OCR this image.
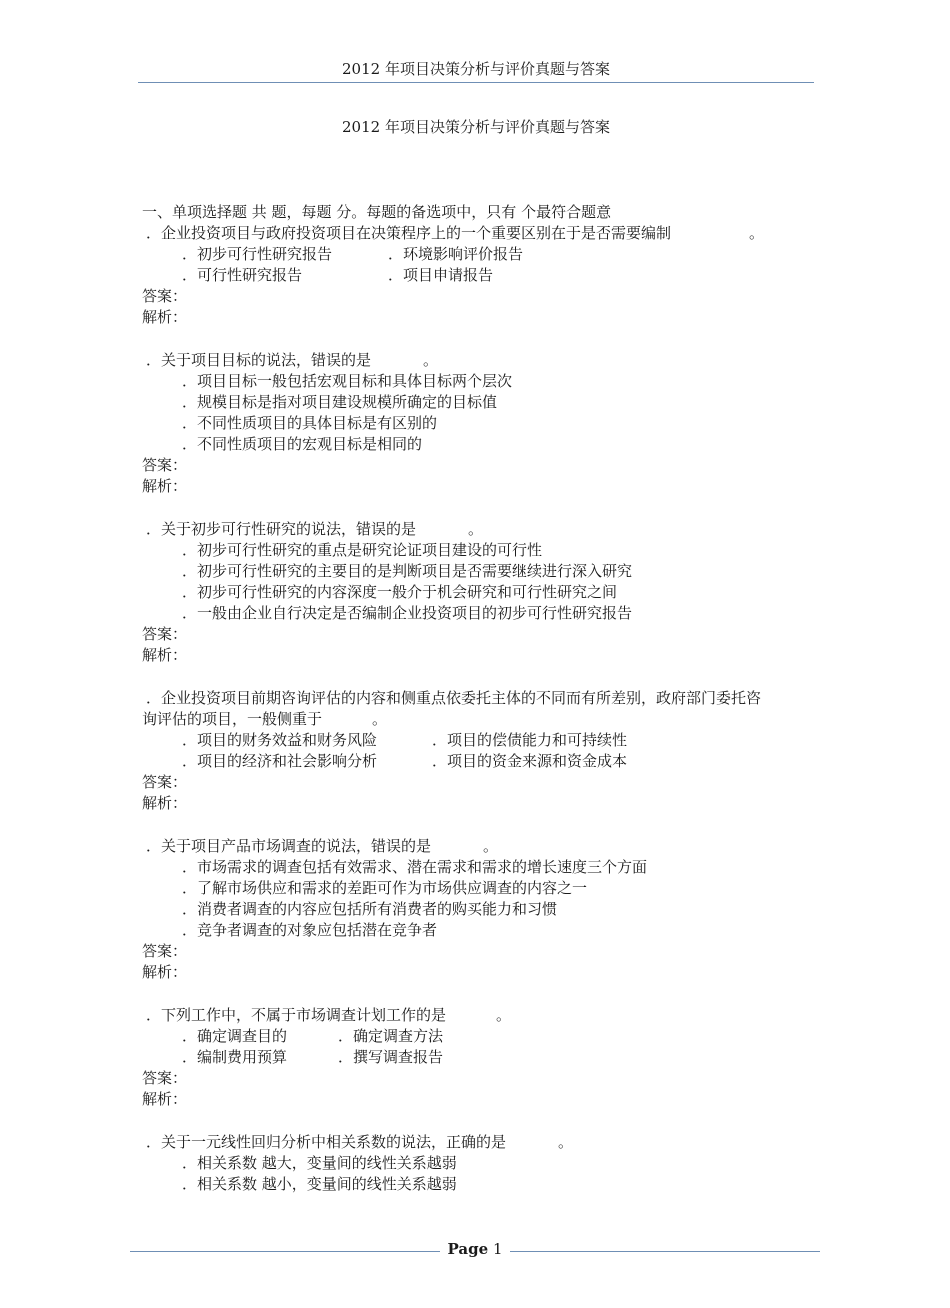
2012 年项目决策分析与评价真题与答案
2012 年项目决策分析与评价真题与答案
一、单项选择题 共 题，每题 分。每题的备选项中，只有 个最符合题意
．企业投资项目与政府投资项目在决策程序上的一个重要区别在于是否需要编制	。
．初步可行性研究报告	．环境影响评价报告
．可行性研究报告	．项目申请报告
答案：
解析：
．关于项目目标的说法，错误的是	。
．项目目标一般包括宏观目标和具体目标两个层次
．规模目标是指对项目建设规模所确定的目标值
．不同性质项目的具体目标是有区别的
．不同性质项目的宏观目标是相同的
答案：
解析：
．关于初步可行性研究的说法，错误的是	。
．初步可行性研究的重点是研究论证项目建设的可行性
．初步可行性研究的主要目的是判断项目是否需要继续进行深入研究
．初步可行性研究的内容深度一般介于机会研究和可行性研究之间
．一般由企业自行决定是否编制企业投资项目的初步可行性研究报告
答案：
解析：
．企业投资项目前期咨询评估的内容和侧重点依委托主体的不同而有所差别，政府部门委托咨
询评估的项目，一般侧重于	。
．项目的财务效益和财务风险	．项目的偿债能力和可持续性
．项目的经济和社会影响分析	．项目的资金来源和资金成本
答案：
解析：
．关于项目产品市场调查的说法，错误的是	。
．市场需求的调查包括有效需求、潜在需求和需求的增长速度三个方面
．了解市场供应和需求的差距可作为市场供应调查的内容之一
．消费者调查的内容应包括所有消费者的购买能力和习惯
．竞争者调查的对象应包括潜在竞争者
答案：
解析：
．下列工作中，不属于市场调查计划工作的是	。
．确定调查目的	．确定调查方法
．编制费用预算	．撰写调查报告
答案：
解析：
．关于一元线性回归分析中相关系数的说法，正确的是	。
．相关系数 越大，变量间的线性关系越弱
．相关系数 越小，变量间的线性关系越弱
Page 1
